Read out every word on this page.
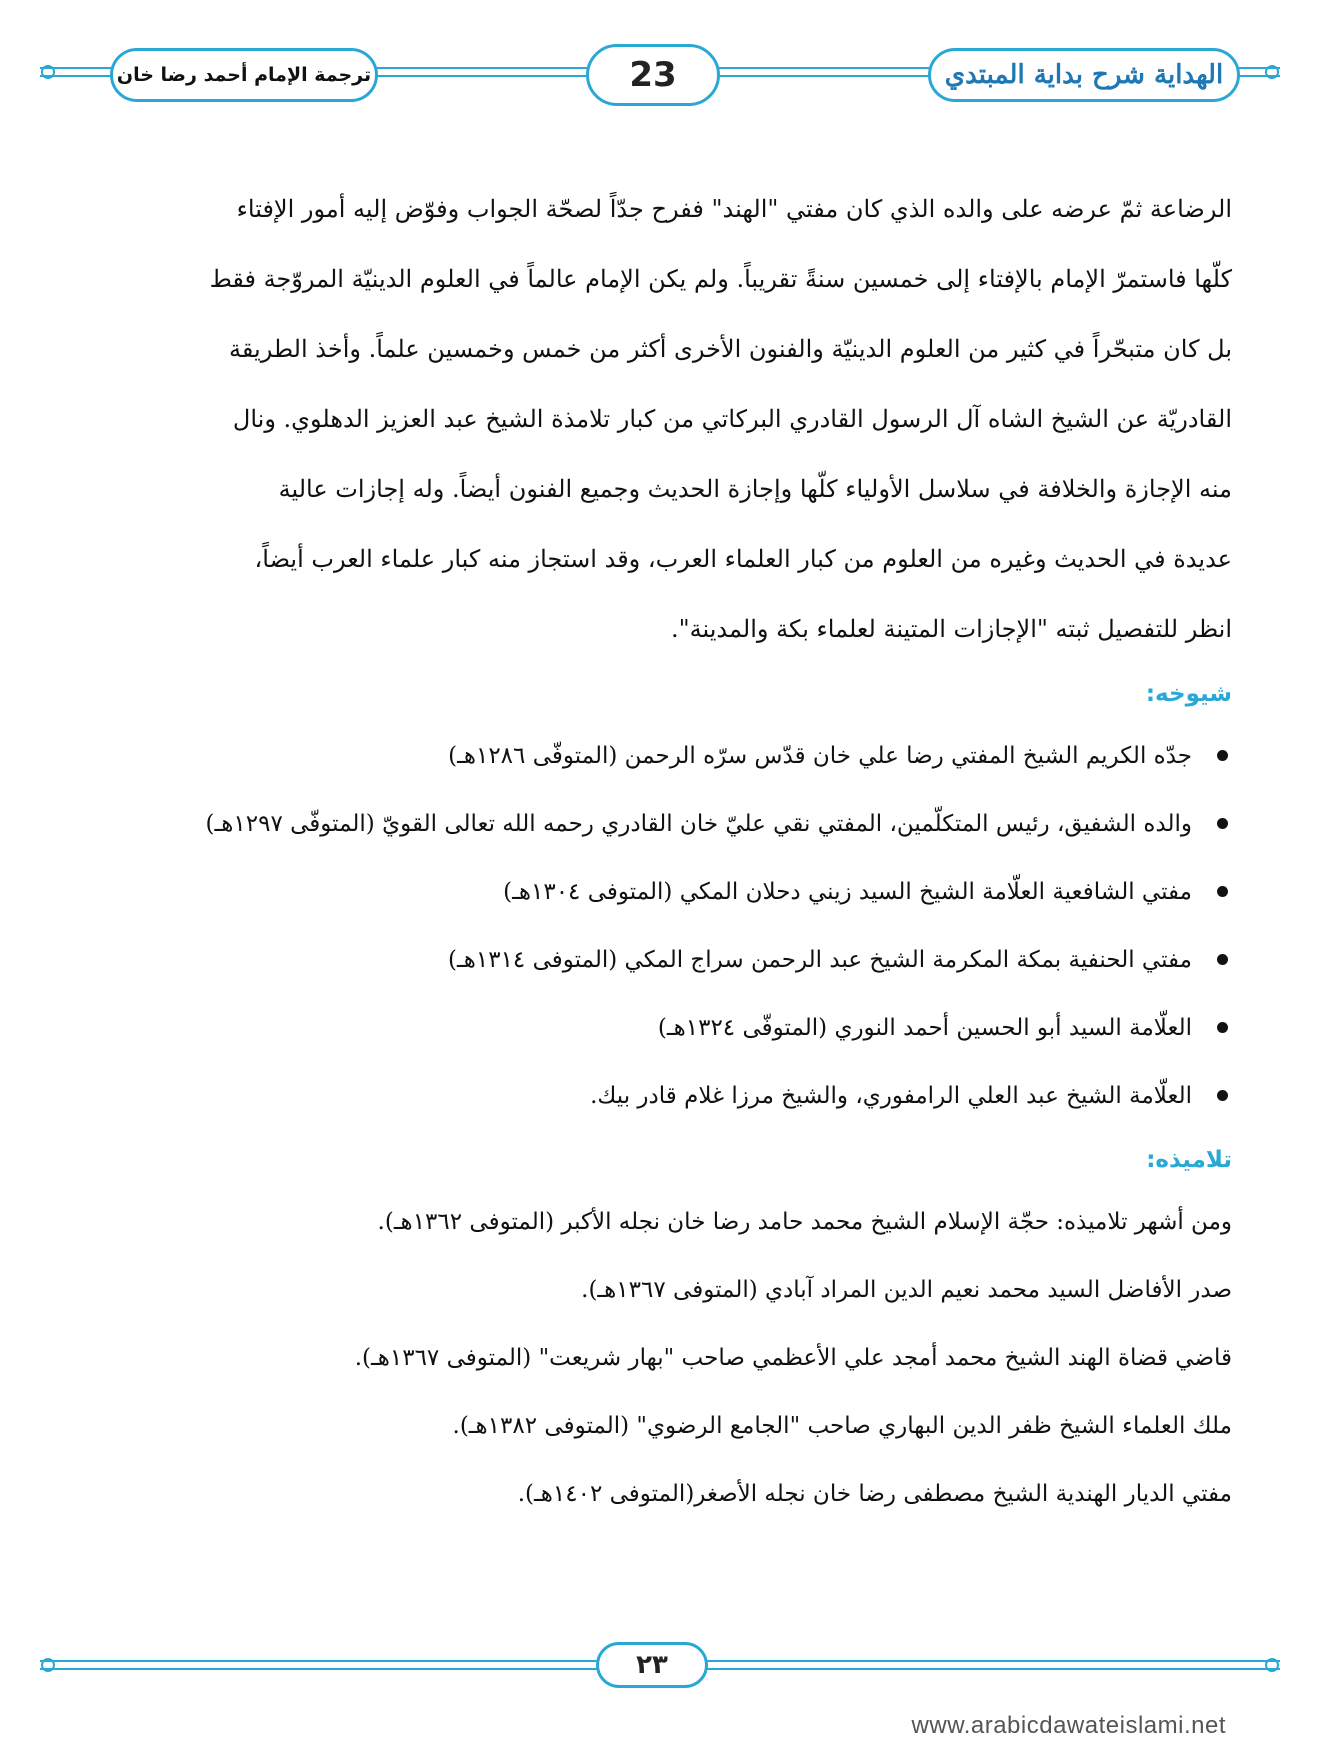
الهداية شرح بداية المبتدي
23
ترجمة الإمام أحمد رضا خان

الرضاعة ثمّ عرضه على والده الذي كان مفتي "الهند" ففرح جدّاً لصحّة الجواب وفوّض إليه أمور الإفتاء

كلّها فاستمرّ الإمام بالإفتاء إلى خمسين سنةً تقريباً. ولم يكن الإمام عالماً في العلوم الدينيّة المروّجة فقط

بل كان متبحّراً في كثير من العلوم الدينيّة والفنون الأخرى أكثر من خمس وخمسين علماً. وأخذ الطريقة

القادريّة عن الشيخ الشاه آل الرسول القادري البركاتي من كبار تلامذة الشيخ عبد العزيز الدهلوي. ونال

منه الإجازة والخلافة في سلاسل الأولياء كلّها وإجازة الحديث وجميع الفنون أيضاً. وله إجازات عالية

عديدة في الحديث وغيره من العلوم من كبار العلماء العرب، وقد استجاز منه كبار علماء العرب أيضاً،

انظر للتفصيل ثبته "الإجازات المتينة لعلماء بكة والمدينة".

شيوخه:
جدّه الكريم الشيخ المفتي رضا علي خان قدّس سرّه الرحمن (المتوفّى ١٢٨٦هـ)
والده الشفيق، رئيس المتكلّمين، المفتي نقي عليّ خان القادري رحمه الله تعالى القويّ (المتوفّى ١٢٩٧هـ)
مفتي الشافعية العلّامة الشيخ السيد زيني دحلان المكي (المتوفى ١٣٠٤هـ)
مفتي الحنفية بمكة المكرمة الشيخ عبد الرحمن سراج المكي (المتوفى ١٣١٤هـ)
العلّامة السيد أبو الحسين أحمد النوري (المتوفّى ١٣٢٤هـ)
العلّامة الشيخ عبد العلي الرامفوري، والشيخ مرزا غلام قادر بيك.
تلاميذه:

ومن أشهر تلاميذه: حجّة الإسلام الشيخ محمد حامد رضا خان نجله الأكبر (المتوفى ١٣٦٢هـ).

صدر الأفاضل السيد محمد نعيم الدين المراد آبادي (المتوفى ١٣٦٧هـ).

قاضي قضاة الهند الشيخ محمد أمجد علي الأعظمي صاحب "بهار شريعت" (المتوفى ١٣٦٧هـ).

ملك العلماء الشيخ ظفر الدين البهاري صاحب "الجامع الرضوي" (المتوفى ١٣٨٢هـ).

مفتي الديار الهندية الشيخ مصطفى رضا خان نجله الأصغر(المتوفى ١٤٠٢هـ).

٢٣
www.arabicdawateislami.net
